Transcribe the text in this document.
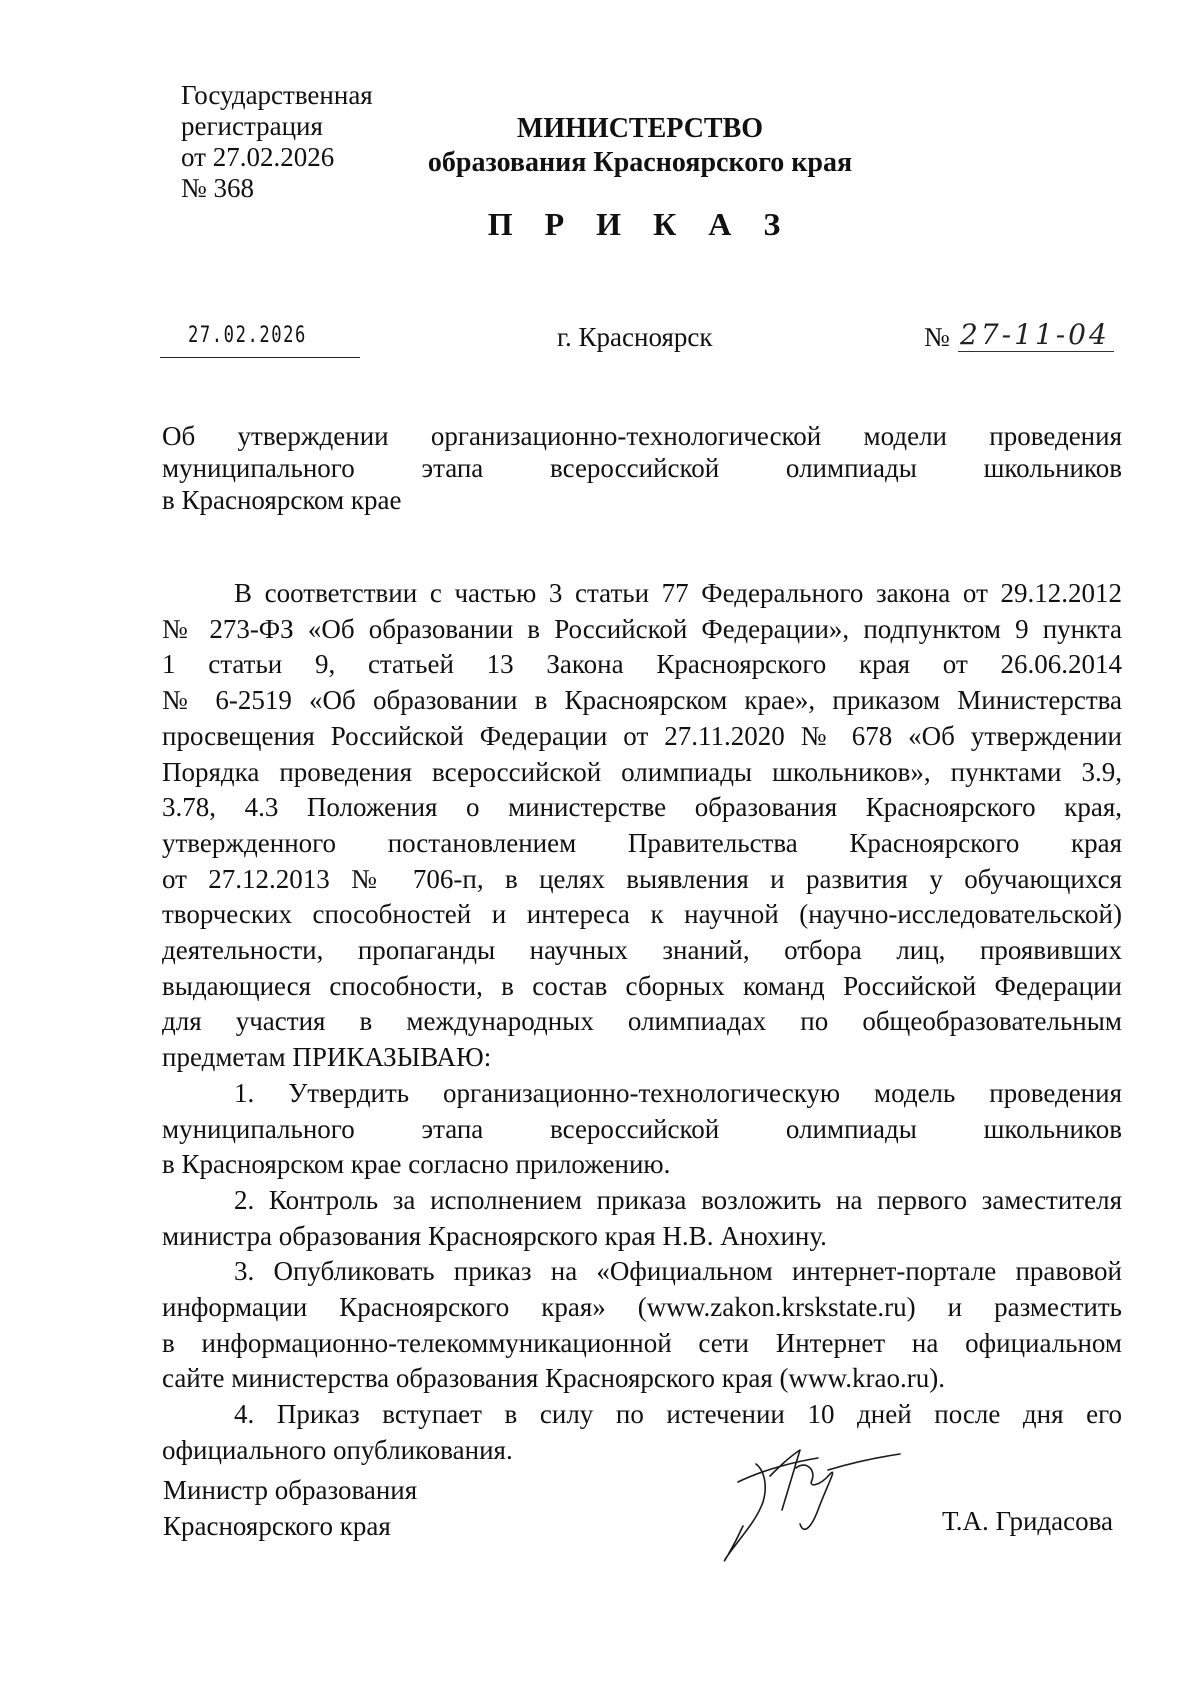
Государственная
регистрация
от 27.02.2026
№ 368
МИНИСТЕРСТВО
образования Красноярского края
П Р И К А З
27.02.2026	г. Красноярск	№ 27-11-04
Об утверждении организационно-технологической модели проведения
муниципального этапа всероссийской олимпиады школьников
в Красноярском крае
В соответствии с частью 3 статьи 77 Федерального закона от 29.12.2012
№ 273-ФЗ «Об образовании в Российской Федерации», подпунктом 9 пункта
1 статьи 9, статьей 13 Закона Красноярского края от 26.06.2014
№ 6-2519 «Об образовании в Красноярском крае», приказом Министерства
просвещения Российской Федерации от 27.11.2020 № 678 «Об утверждении
Порядка проведения всероссийской олимпиады школьников», пунктами 3.9,
3.78, 4.3 Положения о министерстве образования Красноярского края,
утвержденного постановлением Правительства Красноярского края
от 27.12.2013 № 706-п, в целях выявления и развития у обучающихся
творческих способностей и интереса к научной (научно-исследовательской)
деятельности, пропаганды научных знаний, отбора лиц, проявивших
выдающиеся способности, в состав сборных команд Российской Федерации
для участия в международных олимпиадах по общеобразовательным
предметам ПРИКАЗЫВАЮ:
1. Утвердить организационно-технологическую модель проведения
муниципального этапа всероссийской олимпиады школьников
в Красноярском крае согласно приложению.
2. Контроль за исполнением приказа возложить на первого заместителя
министра образования Красноярского края Н.В. Анохину.
3. Опубликовать приказ на «Официальном интернет-портале правовой
информации Красноярского края» (www.zakon.krskstate.ru) и разместить
в информационно-телекоммуникационной сети Интернет на официальном
сайте министерства образования Красноярского края (www.krao.ru).
4. Приказ вступает в силу по истечении 10 дней после дня его
официального опубликования.
Министр образования
Красноярского края	Т.А. Гридасова
